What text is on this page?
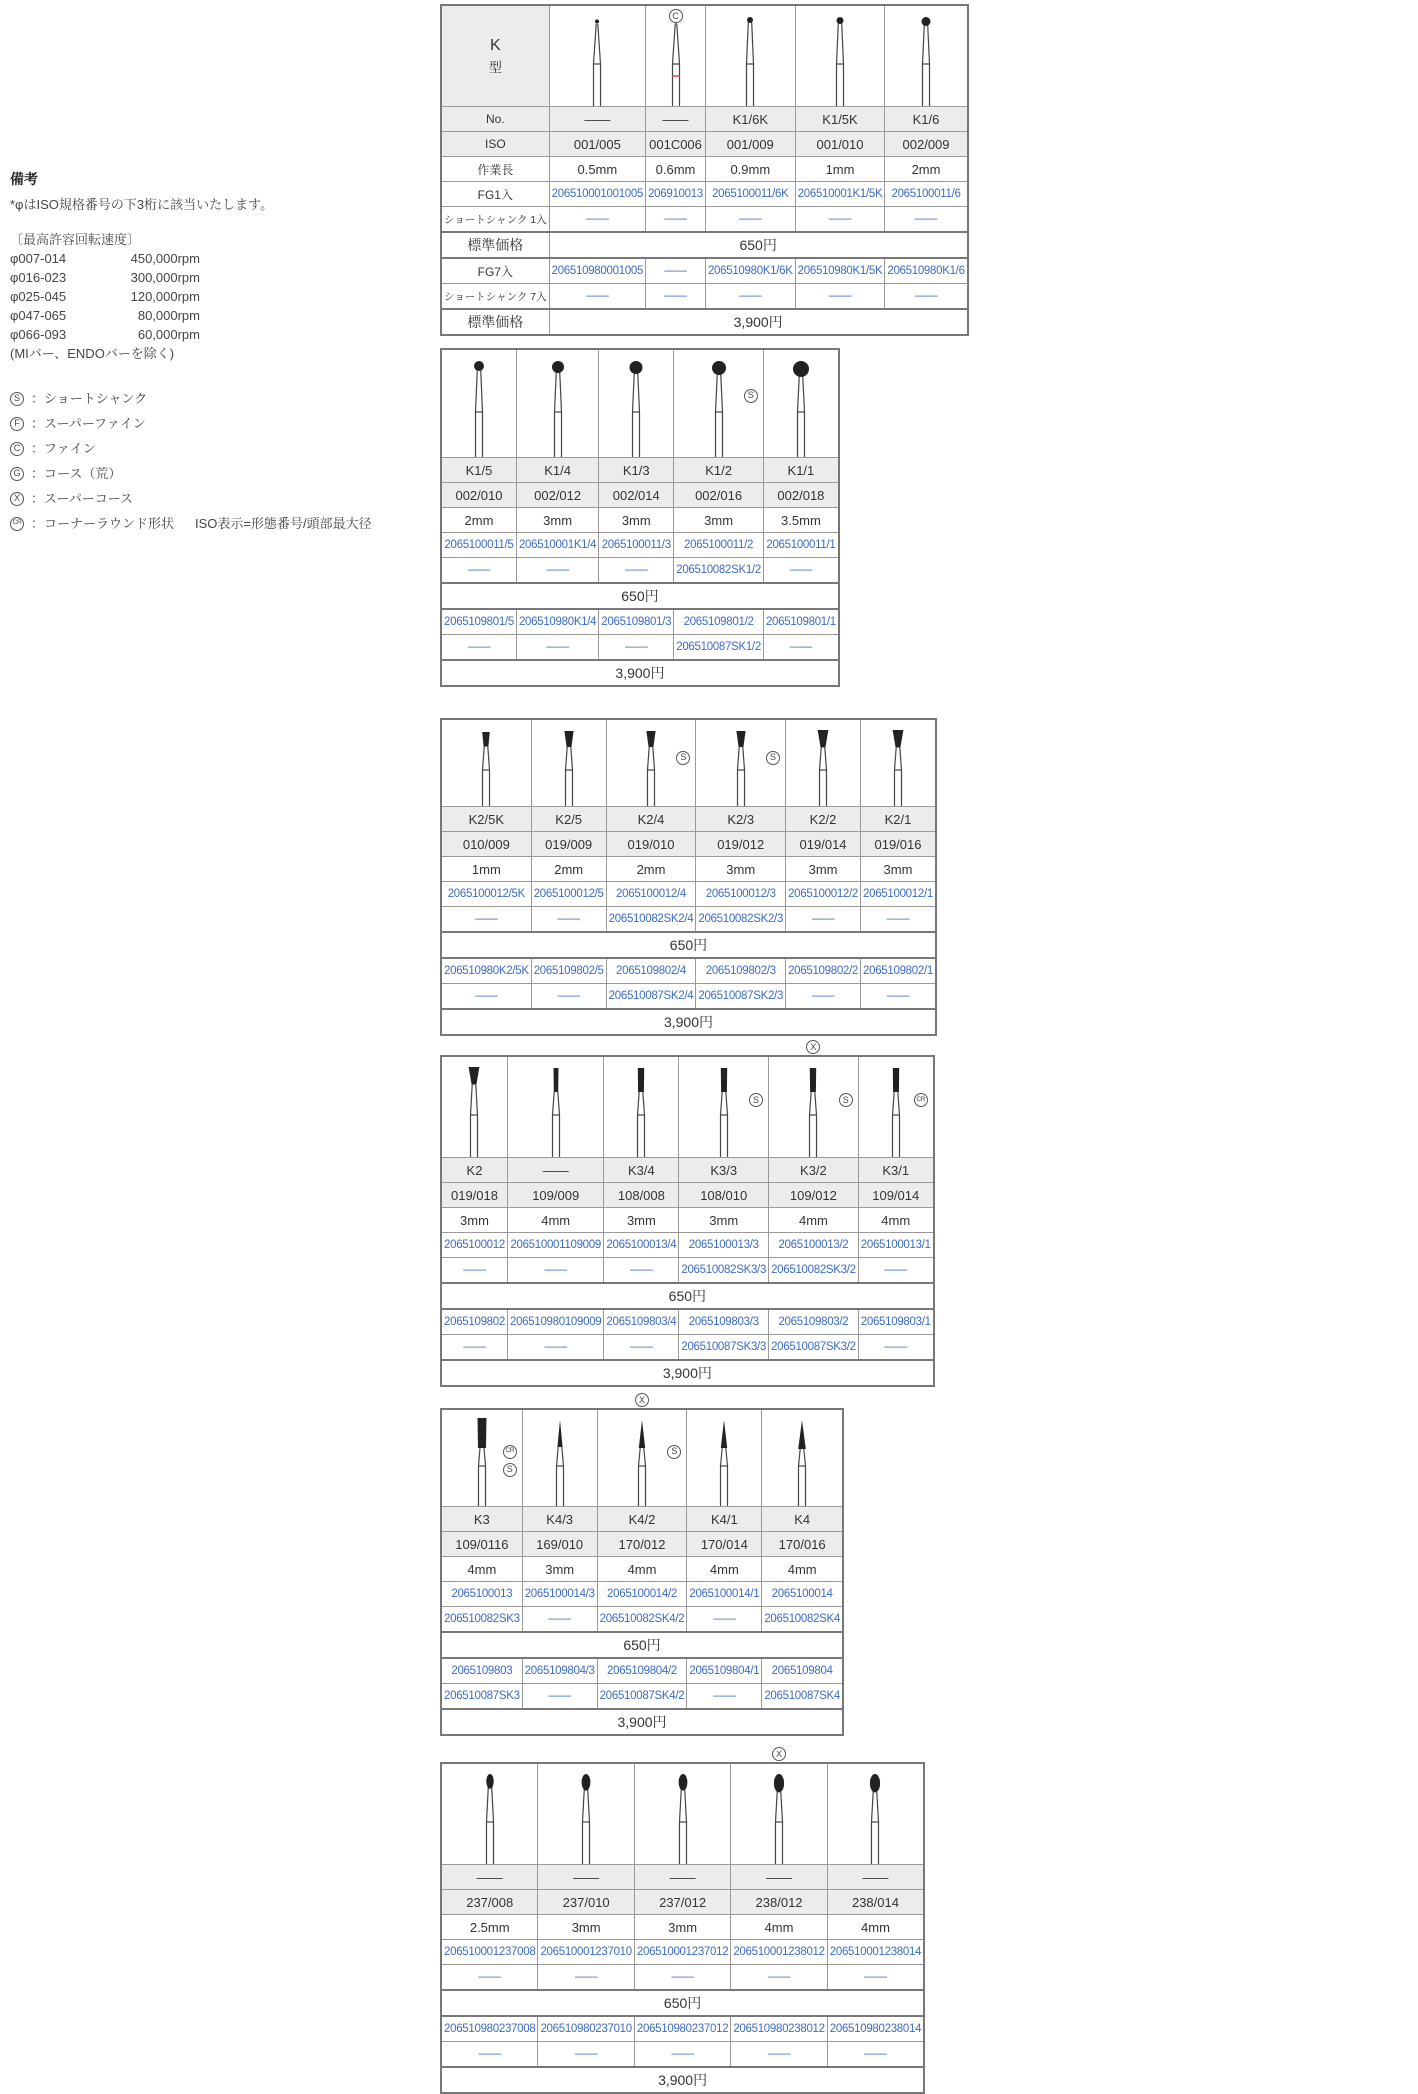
備考
*φはISO規格番号の下3桁に該当いたします。
〔最高許容回転速度〕
φ007-014	450,000rpm
φ016-023	300,000rpm
φ025-045	120,000rpm
φ047-065	80,000rpm
φ066-093	60,000rpm
(MIバー、ENDOバーを除く)
S ：ショートシャンク
F ：スーパーファイン
C ：ファイン
G ：コース（荒）
X ：スーパーコース
CR ：コーナーラウンド形状 ISO表示=形態番号/頭部最大径
K
型		C

No.	——	——	K1/6K	K1/5K	K1/6
ISO	001/005	001C006	001/009	001/010	002/009
作業長	0.5mm	0.6mm	0.9mm	1mm	2mm
FG1入	206510001001005	206910013	2065100011/6K	206510001K1/5K	2065100011/6
ショートシャンク 1入	——	——	——	——	——
標準価格	650円				
FG7入	206510980001005	——	206510980K1/6K	206510980K1/5K	206510980K1/6
ショートシャンク 7入	——	——	——	——	——
標準価格	3,900円				

S

K1/5	K1/4	K1/3	K1/2	K1/1
002/010	002/012	002/014	002/016	002/018
2mm	3mm	3mm	3mm	3.5mm
2065100011/5	206510001K1/4	2065100011/3	2065100011/2	2065100011/1
——	——	——	206510082SK1/2	——
650円				
2065109801/5	206510980K1/4	2065109801/3	2065109801/2	2065109801/1
——	——	——	206510087SK1/2	——
3,900円				

S	S

K2/5K	K2/5	K2/4	K2/3	K2/2	K2/1
010/009	019/009	019/010	019/012	019/014	019/016
1mm	2mm	2mm	3mm	3mm	3mm
2065100012/5K	2065100012/5	2065100012/4	2065100012/3	2065100012/2	2065100012/1
——	——	206510082SK2/4	206510082SK2/3	——	——
650円					
206510980K2/5K	2065109802/5	2065109802/4	2065109802/3	2065109802/2	2065109802/1
——	——	206510087SK2/4	206510087SK2/3	——	——
3,900円					

S	X
S	CR

K2	——	K3/4	K3/3	K3/2	K3/1
019/018	109/009	108/008	108/010	109/012	109/014
3mm	4mm	3mm	3mm	4mm	4mm
2065100012	206510001109009	2065100013/4	2065100013/3	2065100013/2	2065100013/1
——	——	——	206510082SK3/3	206510082SK3/2	——
650円					
2065109802	206510980109009	2065109803/4	2065109803/3	2065109803/2	2065109803/1
——	——	——	206510087SK3/3	206510087SK3/2	——
3,900円					
CR
S		X
S

K3	K4/3	K4/2	K4/1	K4
109/0116	169/010	170/012	170/014	170/016
4mm	3mm	4mm	4mm	4mm
2065100013	2065100014/3	2065100014/2	2065100014/1	2065100014
206510082SK3	——	206510082SK4/2	——	206510082SK4
650円				
2065109803	2065109804/3	2065109804/2	2065109804/1	2065109804
206510087SK3	——	206510087SK4/2	——	206510087SK4
3,900円				

X

——	——	——	——	——
237/008	237/010	237/012	238/012	238/014
2.5mm	3mm	3mm	4mm	4mm
206510001237008	206510001237010	206510001237012	206510001238012	206510001238014
——	——	——	——	——
650円				
206510980237008	206510980237010	206510980237012	206510980238012	206510980238014
——	——	——	——	——
3,900円				
